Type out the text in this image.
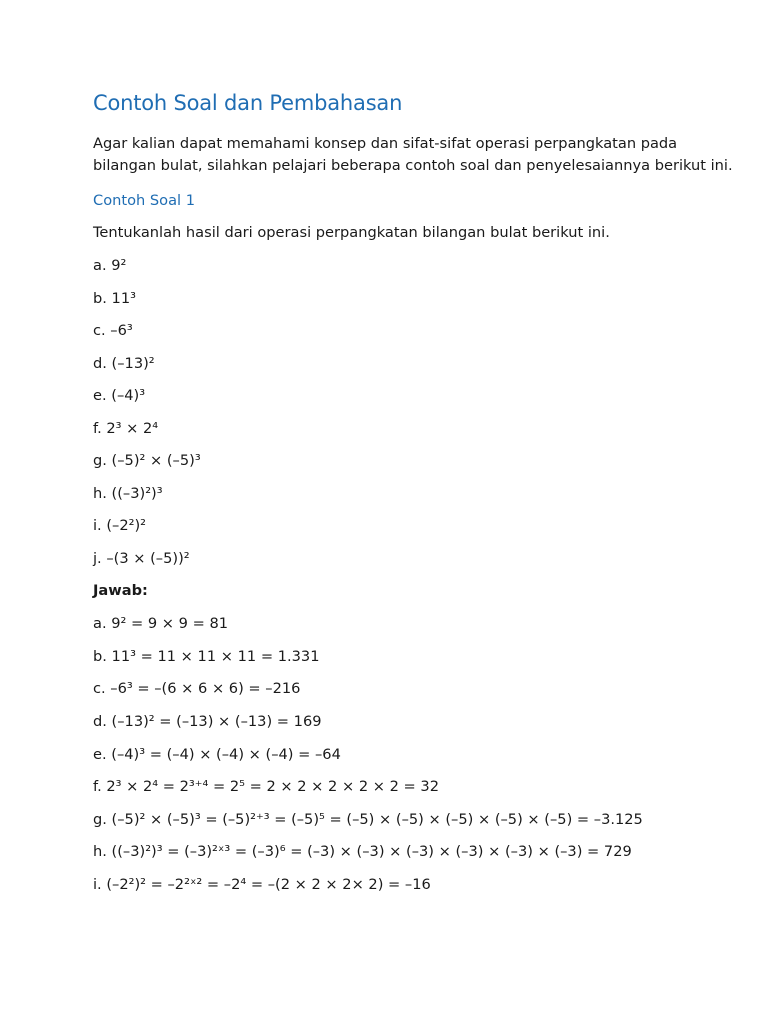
Contoh Soal dan Pembahasan

Agar kalian dapat memahami konsep dan sifat-sifat operasi perpangkatan pada bilangan bulat, silahkan pelajari beberapa contoh soal dan penyelesaiannya berikut ini.

Contoh Soal 1

Tentukanlah hasil dari operasi perpangkatan bilangan bulat berikut ini.

a. 9²

b. 11³

c. –6³

d. (–13)²

e. (–4)³

f. 2³ × 2⁴

g. (–5)² × (–5)³

h. ((–3)²)³

i. (–2²)²

j. –(3 × (–5))²

Jawab:

a. 9² = 9 × 9 = 81

b. 11³ = 11 × 11 × 11 = 1.331

c. –6³ = –(6 × 6 × 6) = –216

d. (–13)² = (–13) × (–13) = 169

e. (–4)³ = (–4) × (–4) × (–4) = –64

f. 2³ × 2⁴ = 2³⁺⁴ = 2⁵ = 2 × 2 × 2 × 2 × 2 = 32

g. (–5)² × (–5)³ = (–5)²⁺³ = (–5)⁵ = (–5) × (–5) × (–5) × (–5) × (–5) = –3.125

h. ((–3)²)³ = (–3)²ˣ³ = (–3)⁶ = (–3) × (–3) × (–3) × (–3) × (–3) × (–3) = 729

i. (–2²)² = –2²ˣ² = –2⁴ = –(2 × 2 × 2× 2) = –16
